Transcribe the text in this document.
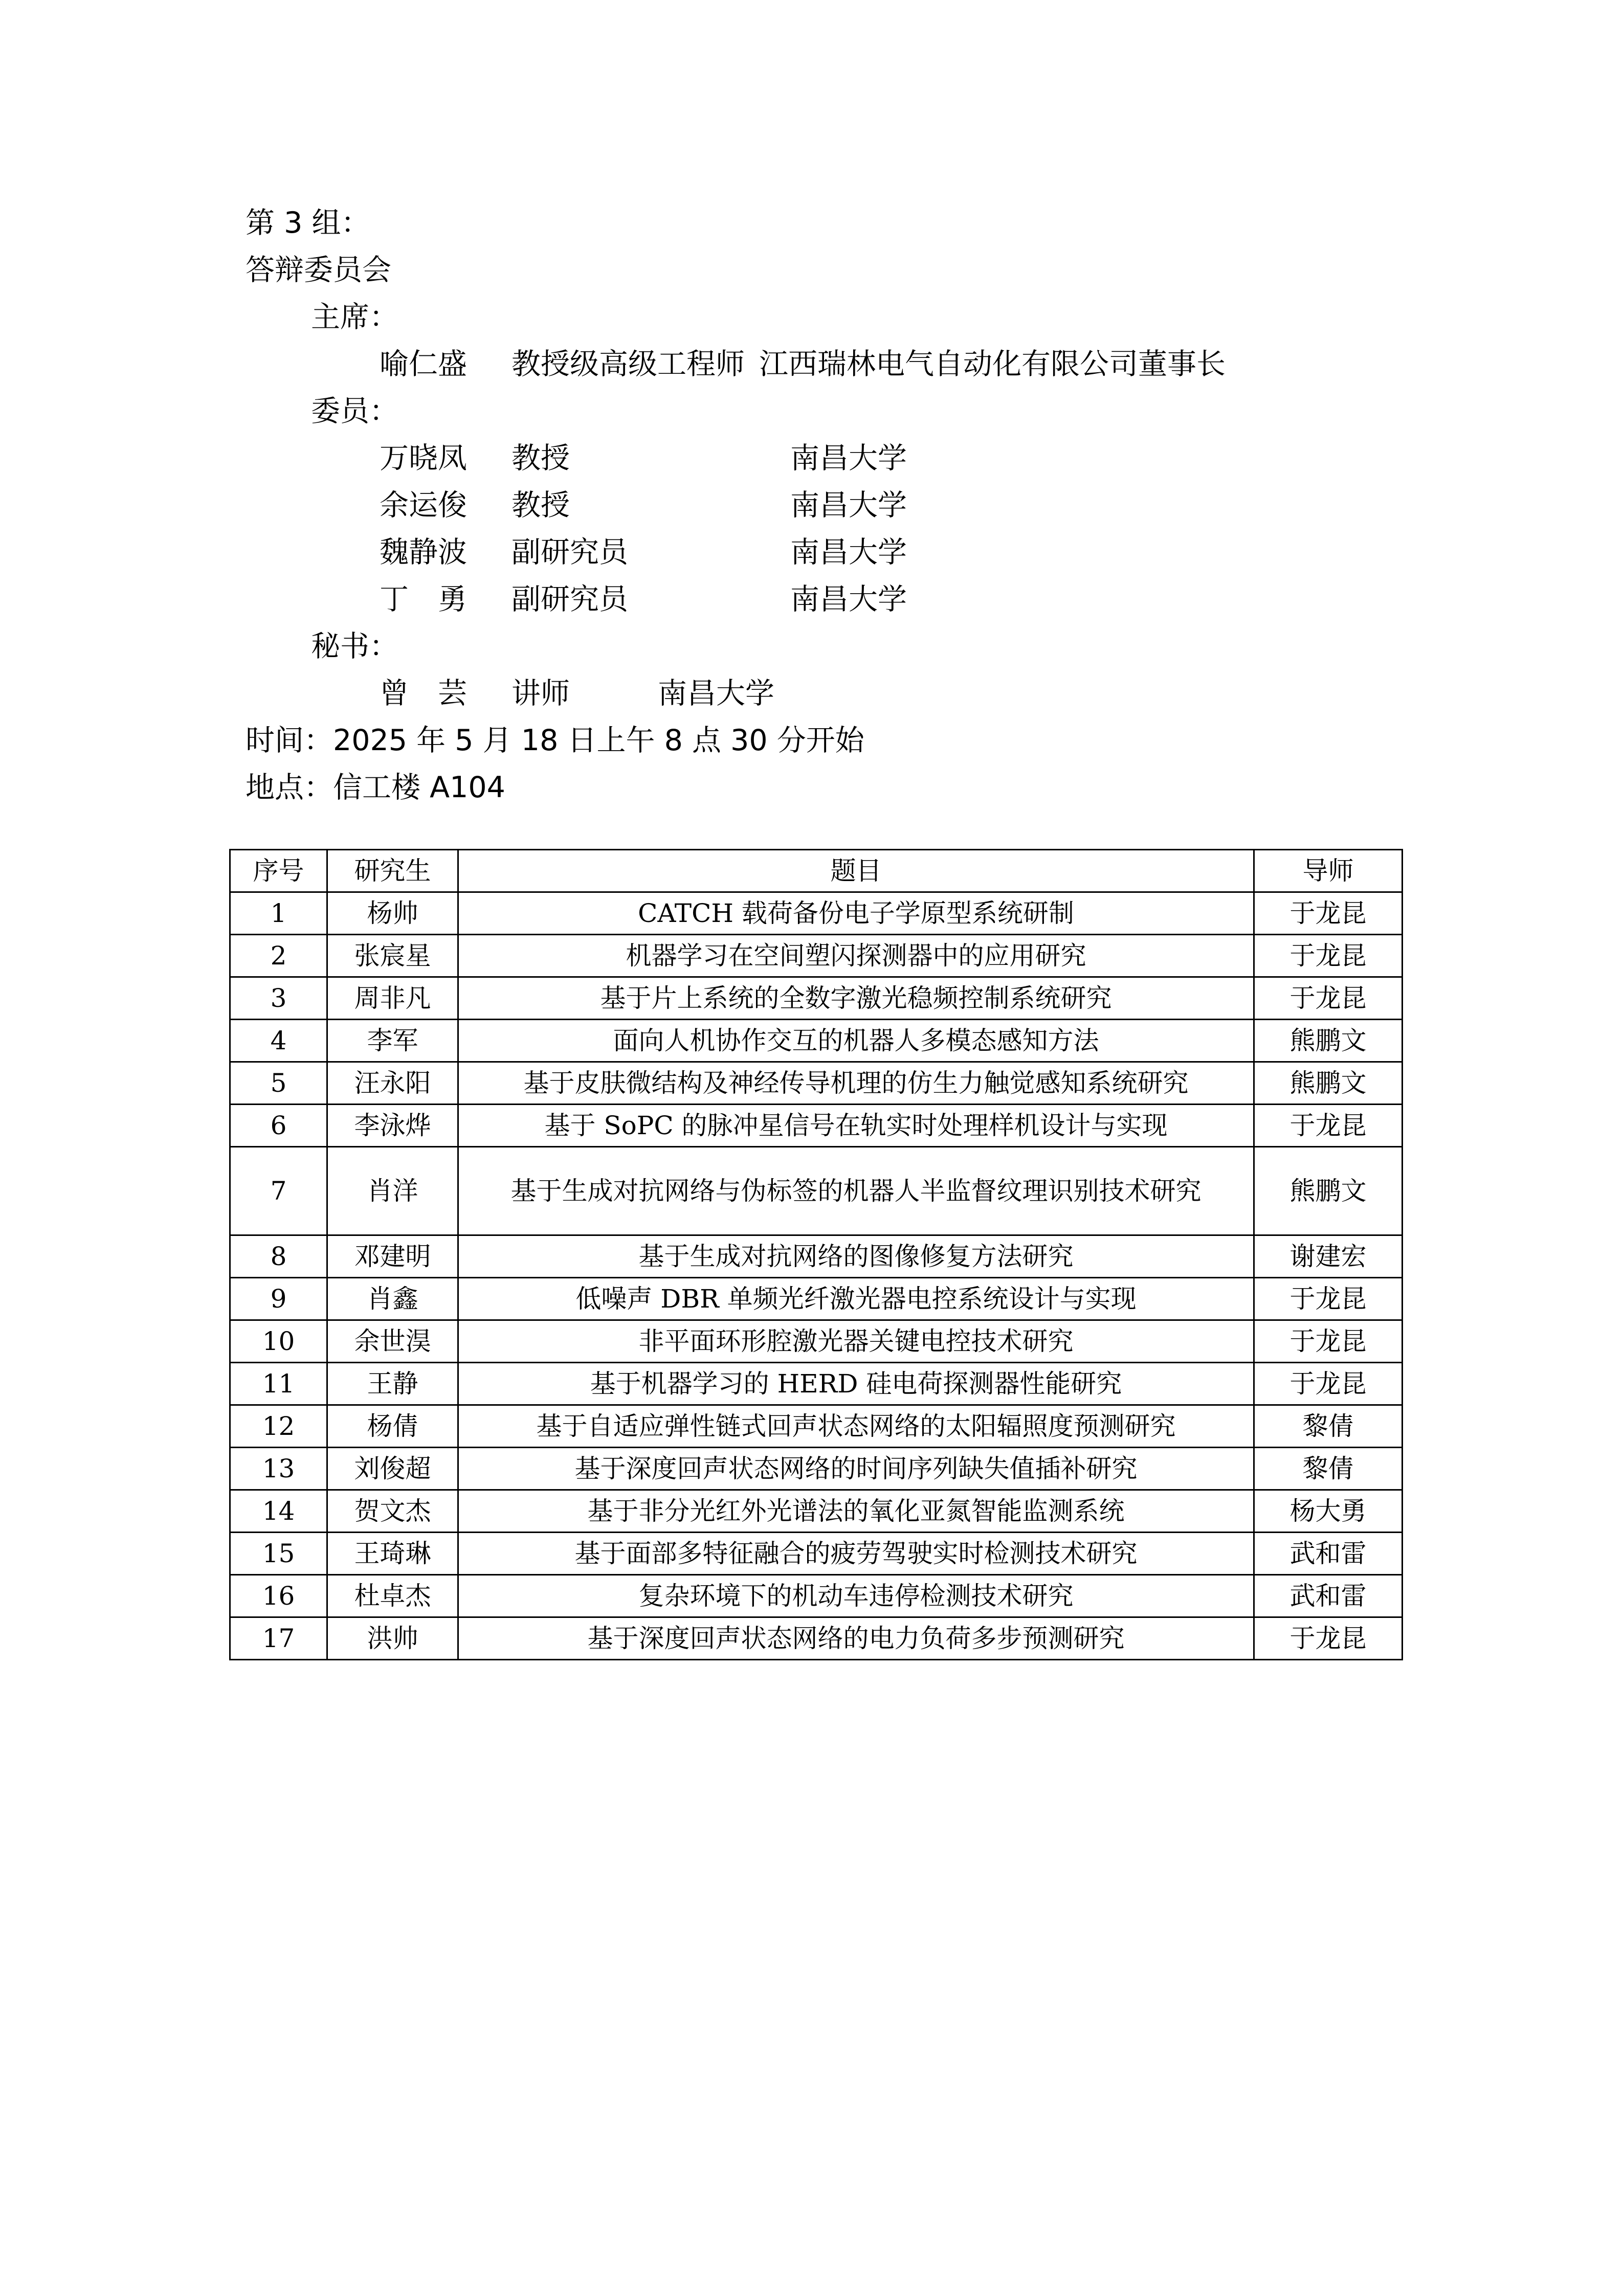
第 3 组：

答辩委员会

主席：

喻仁盛	教授级高级工程师 江西瑞林电气自动化有限公司董事长

委员：

万晓凤	教授	南昌大学

余运俊	教授	南昌大学

魏静波	副研究员	南昌大学

丁　勇	副研究员	南昌大学

秘书：

曾　芸	讲师	南昌大学

时间：2025 年 5 月 18 日上午 8 点 30 分开始

地点：信工楼 A104

序号	研究生	题目	导师
1	杨帅	CATCH 载荷备份电子学原型系统研制	于龙昆
2	张宸星	机器学习在空间塑闪探测器中的应用研究	于龙昆
3	周非凡	基于片上系统的全数字激光稳频控制系统研究	于龙昆
4	李军	面向人机协作交互的机器人多模态感知方法	熊鹏文
5	汪永阳	基于皮肤微结构及神经传导机理的仿生力触觉感知系统研究	熊鹏文
6	李泳烨	基于 SoPC 的脉冲星信号在轨实时处理样机设计与实现	于龙昆
7	肖洋	基于生成对抗网络与伪标签的机器人半监督纹理识别技术研究	熊鹏文
8	邓建明	基于生成对抗网络的图像修复方法研究	谢建宏
9	肖鑫	低噪声 DBR 单频光纤激光器电控系统设计与实现	于龙昆
10	余世淏	非平面环形腔激光器关键电控技术研究	于龙昆
11	王静	基于机器学习的 HERD 硅电荷探测器性能研究	于龙昆
12	杨倩	基于自适应弹性链式回声状态网络的太阳辐照度预测研究	黎倩
13	刘俊超	基于深度回声状态网络的时间序列缺失值插补研究	黎倩
14	贺文杰	基于非分光红外光谱法的氧化亚氮智能监测系统	杨大勇
15	王琦琳	基于面部多特征融合的疲劳驾驶实时检测技术研究	武和雷
16	杜卓杰	复杂环境下的机动车违停检测技术研究	武和雷
17	洪帅	基于深度回声状态网络的电力负荷多步预测研究	于龙昆
